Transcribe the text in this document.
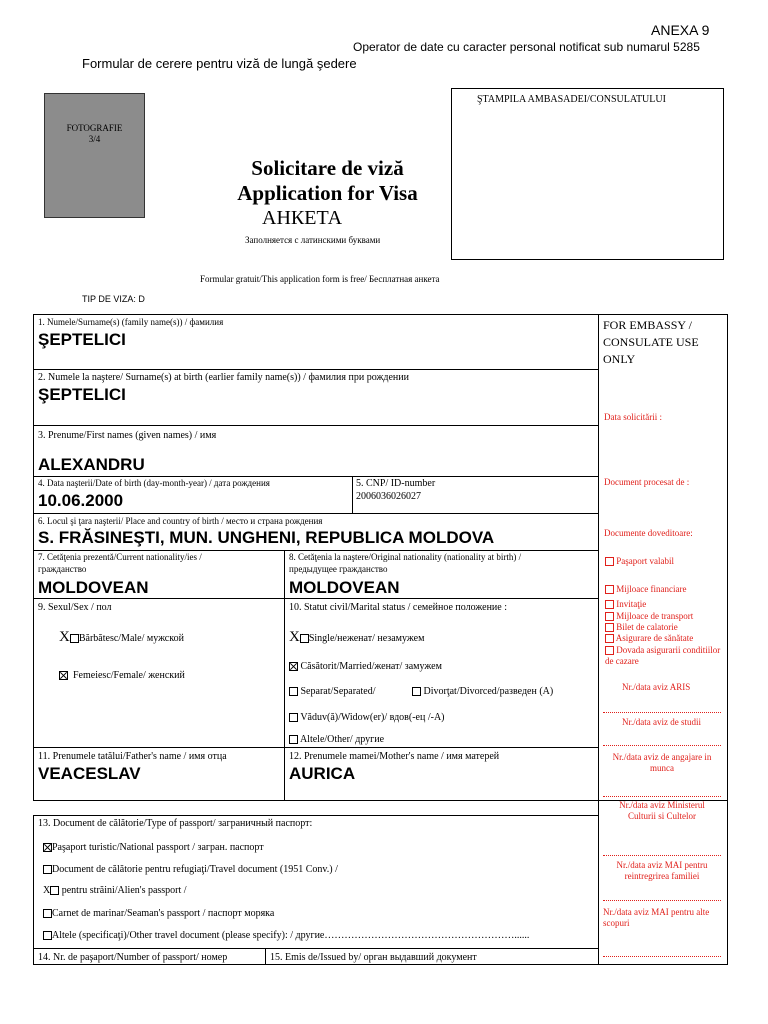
ANEXA 9
Operator de date cu caracter personal notificat sub numarul 5285
Formular de cerere pentru viză de lungă şedere
FOTOGRAFIE
3/4
Solicitare de viză
Application for Visa
АНКЕТА
Заполняется с латинскими буквами
ŞTAMPILA AMBASADEI/CONSULATULUI
Formular gratuit/This application form is free/ Бесплатная анкета
TIP DE VIZA: D
1. Numele/Surname(s) (family name(s)) / фамилия
ŞEPTELICI
2. Numele la naştere/ Surname(s) at birth (earlier family name(s)) / фамилия при рождении
ŞEPTELICI
3. Prenume/First names (given names) / имя
ALEXANDRU
4. Data naşterii/Date of birth (day-month-year) / дата рождения
10.06.2000
5. CNP/ ID-number
2006036026027
6. Locul şi ţara naşterii/ Place and country of birth / место и страна рождения
S. FRĂSINEŞTI, MUN. UNGHENI, REPUBLICA MOLDOVA
7. Cetăţenia prezentă/Current nationality/ies /
гражданство
MOLDOVEAN
8. Cetăţenia la naştere/Original nationality (nationality at birth) /
предыдущее гражданство
MOLDOVEAN
9. Sexul/Sex / пол
X Bărbătesc/Male/ мужской
Femeiesc/Female/ женский
10. Statut civil/Marital status / семейное положение :
X Single/неженат/ незамужем
Căsătorit/Married/женат/ замужем
Separat/Separated/	Divorţat/Divorced/разведен (А)
Văduv(ă)/Widow(er)/ вдов(-ец /-А)
Altele/Other/ другие
11. Prenumele tatălui/Father's name / имя отца
VEACESLAV
12. Prenumele mamei/Mother's name / имя матерей
AURICA
13. Document de călătorie/Type of passport/ заграничный паспорт:
Paşaport turistic/National passport / загран. паспорт
Document de călătorie pentru refugiaţi/Travel document (1951 Conv.) /
X pentru străini/Alien's passport /
Carnet de marinar/Seaman's passport / паспорт моряка
Altele (specificaţi)/Other travel document (please specify): / другие…………………………………………………......
14. Nr. de paşaport/Number of passport/ номер	15. Emis de/Issued by/ орган выдавший документ
FOR EMBASSY / CONSULATE USE ONLY
Data solicitării :
Document procesat de :
Documente doveditoare:
Paşaport valabil
Mijloace financiare
Invitaţie
Mijloace de transport
Bilet de calatorie
Asigurare de sănătate
Dovada asigurarii conditiilor de cazare
Nr./data aviz ARIS
Nr./data aviz de studii
Nr./data aviz de angajare in munca
Nr./data aviz Ministerul Culturii si Cultelor
Nr./data aviz MAI pentru reintregrirea familiei
Nr./data aviz MAI pentru alte scopuri
